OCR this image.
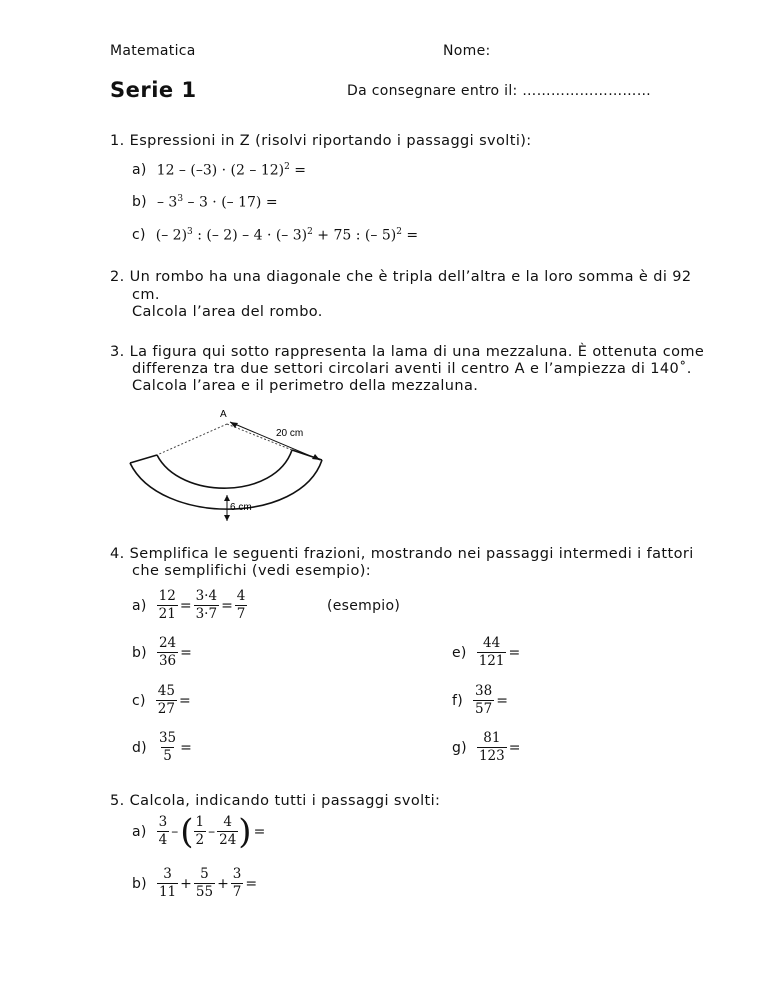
Matematica	Nome:
Serie 1	Da consegnare entro il: ………………………
1. Espressioni in Z (risolvi riportando i passaggi svolti):
a) 12 – (–3) · (2 – 12)$^2$ =
$b) - 3^3 - 3$ · (– 17) =
c) (– 2)$^3$ : (– 2) – 4 · (– 3)$^2$ + 75 : (– 5)$^2$ =
2. Un rombo ha una diagonale che è tripla dell’altra e la loro somma è di 92
cm.
Calcola l’area del rombo.
3. La figura qui sotto rappresenta la lama di una mezzaluna. È ottenuta come
differenza tra due settori circolari aventi il centro A e l’ampiezza di 140˚.
Calcola l’area e il perimetro della mezzaluna.
A
20 cm
6 cm
4. Semplifica le seguenti frazioni, mostrando nei passaggi intermedi i fattori
che semplifichi (vedi esempio):
$a) \frac{12}{21} = \frac{3\cdot 4}{3\cdot 7} = \frac{4}{7}$	(esempio)
$b) \frac{24}{36}$ =
$c) \frac{45}{27}$ =
$d) \frac{35}{5}$ =
$e) \frac{44}{121}$ =
$f) \frac{38}{57}$ =
$g) \frac{81}{123}$ =
5. Calcola, indicando tutti i passaggi svolti:
$a) \frac{3}{4}$ – ( $\frac{1}{2} - \frac{4}{24}$ ) =
$b) \frac{3}{11} + \frac{5}{55} + \frac{3}{7}$ =
